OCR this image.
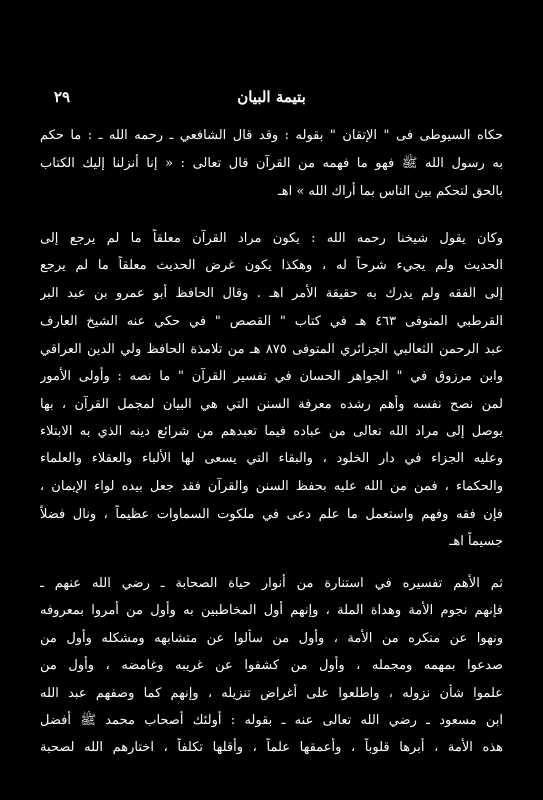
بتيمة البيان
٢٩
حكاه السيوطى فى " الإتقان " بقوله : وقد قال الشافعي ـ رحمه الله ـ : ما حكم
به رسول الله ﷺ فهو ما فهمه من القرآن قال تعالى : « إنا أنزلنا إليك الكتاب
بالحق لتحكم بين الناس بما أراك الله » اهـ
وكان يقول شيخنا رحمه الله : يكون مراد القرآن معلقاً ما لم يرجع إلى
الحديث ولم يجيء شرحاً له ، وهكذا يكون غرض الحديث معلقاً ما لم يرجع
إلى الفقه ولم يدرك به حقيقة الأمر اهـ . وقال الحافظ أبو عمرو بن عبد البر
القرطبي المتوفى ٤٦٣ هـ في كتاب " القصص " في حكي عنه الشيخ العارف
عبد الرحمن الثعالبي الجزائري المتوفى ٨٧٥ هـ من تلامذة الحافظ ولي الدين العراقي
وابن مرزوق في " الجواهر الحسان في تفسير القرآن " ما نصه : وأولى الأمور
لمن نصح نفسه وأهم رشده معرفة السنن التي هي البيان لمجمل القرآن ، بها
يوصل إلى مراد الله تعالى من عباده فيما تعبدهم من شرائع دينه الذي به الابتلاء
وعليه الجزاء في دار الخلود ، والبقاء التي يسعى لها الألباء والعقلاء والعلماء
والحكماء ، فمن من الله عليه بحفظ السنن والقرآن فقد جعل بيده لواء الإيمان ،
فإن فقه وفهم واستعمل ما علم دعى في ملكوت السماوات عظيماً ، ونال فضلاً
جسيماً اهـ
ثم الأهم تفسيره في استنارة من أنوار حياة الصحابة ـ رضي الله عنهم ـ
فإنهم نجوم الأمة وهداة الملة ، وإنهم أول المخاطبين به وأول من أمروا بمعروفه
ونهوا عن منكره من الأمة ، وأول من سألوا عن متشابهه ومشكله وأول من
صدعوا بمهمه ومجمله ، وأول من كشفوا عن غريبه وغامضه ، وأول من
علموا شأن نزوله ، واطلعوا على أغراض تنزيله ، وإنهم كما وصفهم عبد الله
ابن مسعود ـ رضي الله تعالى عنه ـ بقوله : أولئك أصحاب محمد ﷺ أفضل
هذه الأمة ، أبرها قلوباً ، وأعمقها علماً ، وأقلها تكلفاً ، اختارهم الله لصحبة
